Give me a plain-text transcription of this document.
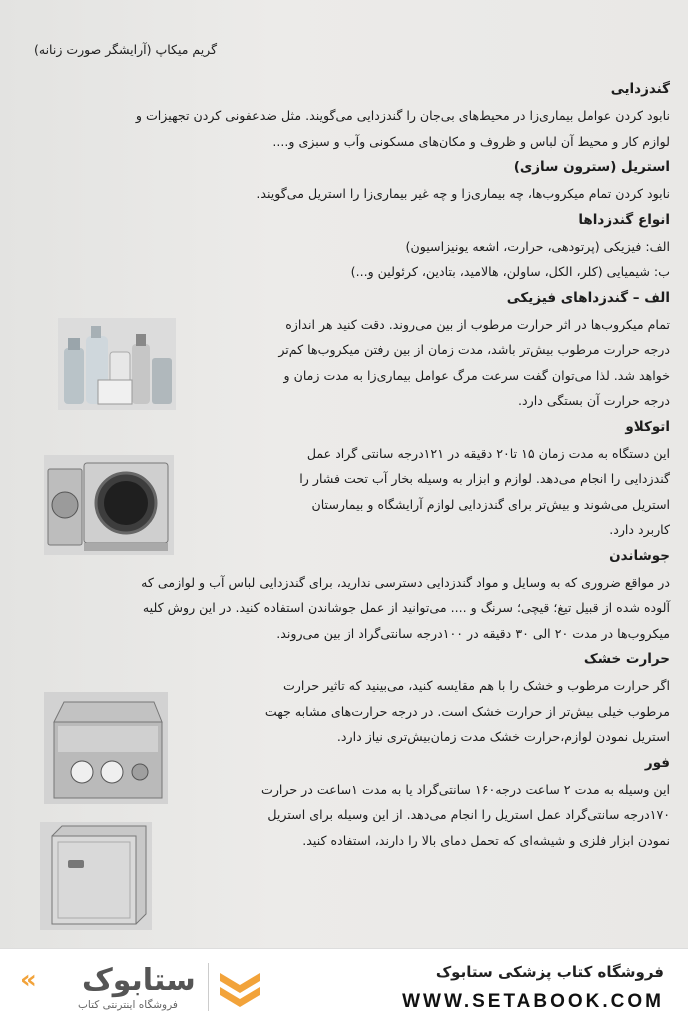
گریم میکاپ (آرایشگر صورت زنانه)

گندزدایی

نابود کردن عوامل بیماری‌زا در محیط‌های بی‌جان را گندزدایی می‌گویند. مثل ضدعفونی کردن تجهیزات و

لوازم کار و محیط آن لباس و ظروف و مکان‌های مسکونی وآب و سبزی و....

استریل (سترون سازی)

نابود کردن تمام میکروب‌ها، چه بیماری‌زا و چه غیر بیماری‌زا را استریل می‌گویند.

انواع گندزداها

الف: فیزیکی (پرتودهی، حرارت، اشعه یونیزاسیون)

ب: شیمیایی (کلر، الکل، ساولن، هالامید، بتادین، کرئولین و...)

الف – گندزداهای فیزیکی

تمام میکروب‌ها در اثر حرارت مرطوب از بین می‌روند. دقت کنید هر اندازه

درجه حرارت مرطوب بیش‌تر باشد، مدت زمان از بین رفتن میکروب‌ها کم‌تر

خواهد شد. لذا می‌توان گفت سرعت مرگ عوامل بیماری‌زا به مدت زمان و

درجه حرارت آن بستگی دارد.

اتوکلاو

این دستگاه به مدت زمان ۱۵ تا۲۰ دقیقه در ۱۲۱درجه سانتی گراد عمل

گندزدایی را انجام می‌دهد. لوازم و ابزار به وسیله بخار آب تحت فشار را

استریل می‌شوند و بیش‌تر برای گندزدایی لوازم آرایشگاه و بیمارستان

کاربرد دارد.

جوشاندن

در مواقع ضروری که به وسایل و مواد گندزدایی دسترسی ندارید، برای گندزدایی لباس آب و لوازمی که

آلوده شده از قبیل تیغ؛ قیچی؛ سرنگ و .... می‌توانید از عمل جوشاندن استفاده کنید. در این روش کلیه

میکروب‌ها در مدت ۲۰ الی ۳۰ دقیقه در ۱۰۰درجه سانتی‌گراد از بین می‌روند.

حرارت خشک

اگر حرارت مرطوب و خشک را با هم مقایسه کنید، می‌بینید که تاثیر حرارت

مرطوب خیلی بیش‌تر از حرارت خشک است. در درجه حرارت‌های مشابه جهت

استریل نمودن لوازم،حرارت خشک مدت زمان‌بیش‌تری نیاز دارد.

فور

این وسیله به مدت ۲ ساعت درجه۱۶۰ سانتی‌گراد یا به مدت ۱ساعت در حرارت

۱۷۰درجه سانتی‌گراد عمل استریل را انجام می‌دهد. از این وسیله برای استریل

نمودن ابزار فلزی و شیشه‌ای که تحمل دمای بالا را دارند، استفاده کنید.

« ستابوک
فروشگاه اینترنتی کتاب
فروشگاه کتاب پزشکی ستابوک
WWW.SETABOOK.COM
